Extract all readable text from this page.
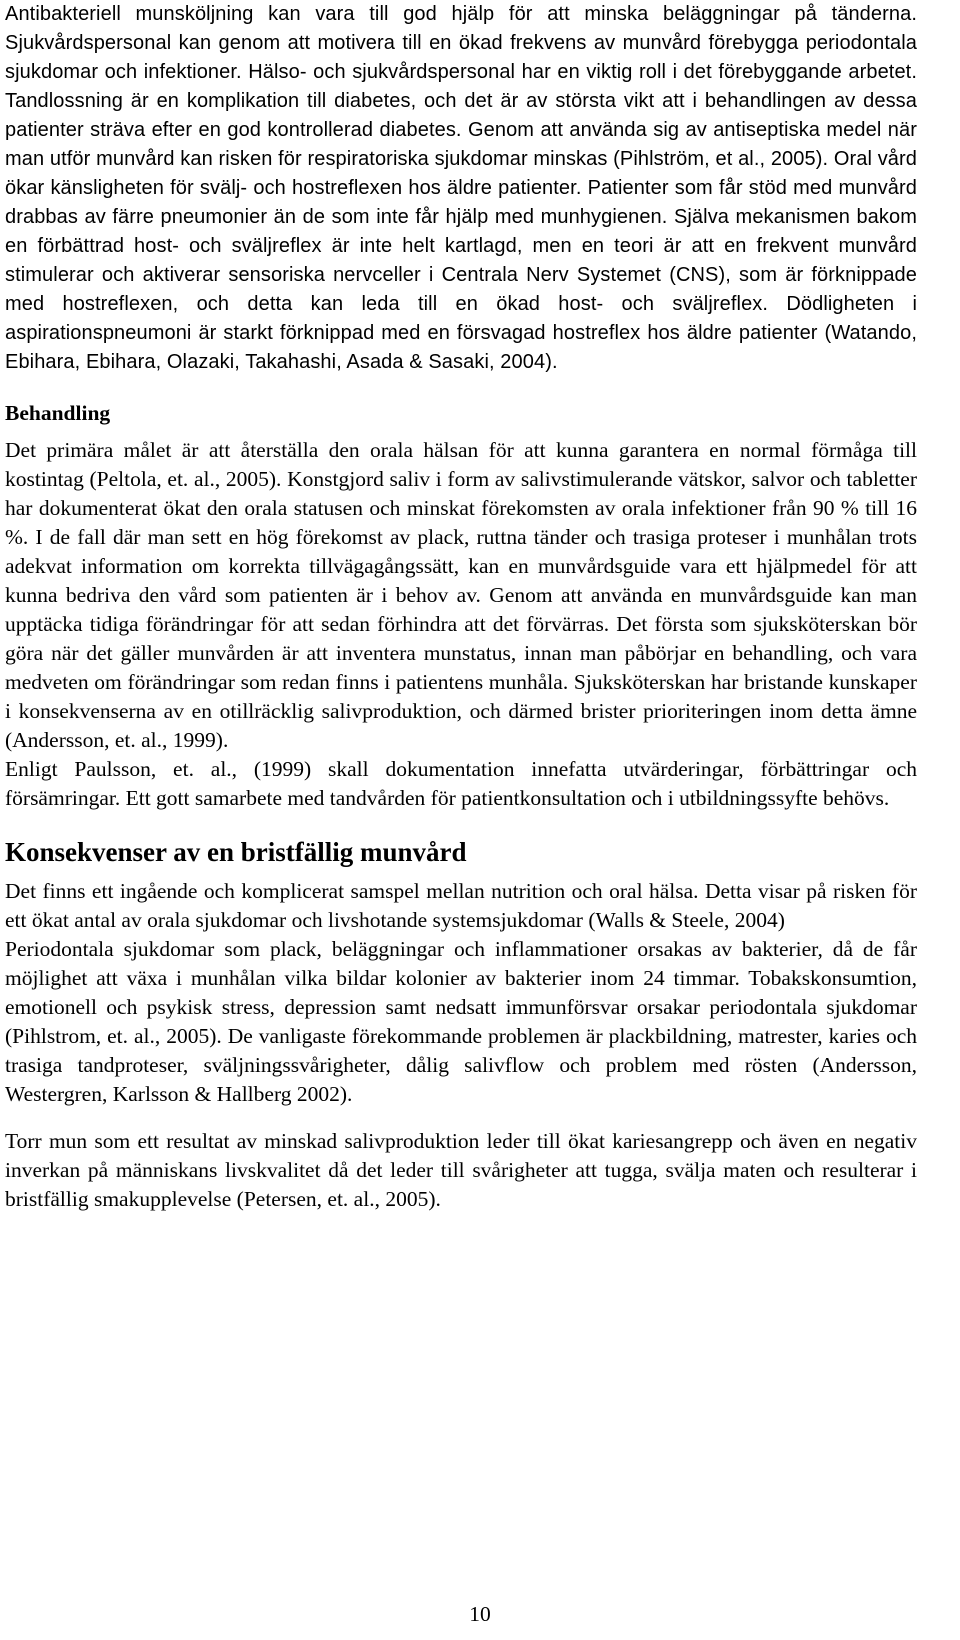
Antibakteriell munsköljning kan vara till god hjälp för att minska beläggningar på tänderna. Sjukvårdspersonal kan genom att motivera till en ökad frekvens av munvård förebygga periodontala sjukdomar och infektioner. Hälso- och sjukvårdspersonal har en viktig roll i det förebyggande arbetet. Tandlossning är en komplikation till diabetes, och det är av största vikt att i behandlingen av dessa patienter sträva efter en god kontrollerad diabetes. Genom att använda sig av antiseptiska medel när man utför munvård kan risken för respiratoriska sjukdomar minskas (Pihlström, et al., 2005). Oral vård ökar känsligheten för svälj- och hostreflexen hos äldre patienter. Patienter som får stöd med munvård drabbas av färre pneumonier än de som inte får hjälp med munhygienen. Själva mekanismen bakom en förbättrad host- och sväljreflex är inte helt kartlagd, men en teori är att en frekvent munvård stimulerar och aktiverar sensoriska nervceller i Centrala Nerv Systemet (CNS), som är förknippade med hostreflexen, och detta kan leda till en ökad host- och sväljreflex. Dödligheten i aspirationspneumoni är starkt förknippad med en försvagad hostreflex hos äldre patienter (Watando, Ebihara, Ebihara, Olazaki, Takahashi, Asada & Sasaki, 2004).

Behandling

Det primära målet är att återställa den orala hälsan för att kunna garantera en normal förmåga till kostintag (Peltola, et. al., 2005). Konstgjord saliv i form av salivstimulerande vätskor, salvor och tabletter har dokumenterat ökat den orala statusen och minskat förekomsten av orala infektioner från 90 % till 16 %. I de fall där man sett en hög förekomst av plack, ruttna tänder och trasiga proteser i munhålan trots adekvat information om korrekta tillvägagångssätt, kan en munvårdsguide vara ett hjälpmedel för att kunna bedriva den vård som patienten är i behov av. Genom att använda en munvårdsguide kan man upptäcka tidiga förändringar för att sedan förhindra att det förvärras. Det första som sjuksköterskan bör göra när det gäller munvården är att inventera munstatus, innan man påbörjar en behandling, och vara medveten om förändringar som redan finns i patientens munhåla. Sjuksköterskan har bristande kunskaper i konsekvenserna av en otillräcklig salivproduktion, och därmed brister prioriteringen inom detta ämne (Andersson, et. al., 1999).

Enligt Paulsson, et. al., (1999) skall dokumentation innefatta utvärderingar, förbättringar och försämringar. Ett gott samarbete med tandvården för patientkonsultation och i utbildningssyfte behövs.

Konsekvenser av en bristfällig munvård

Det finns ett ingående och komplicerat samspel mellan nutrition och oral hälsa. Detta visar på risken för ett ökat antal av orala sjukdomar och livshotande systemsjukdomar (Walls & Steele, 2004)

Periodontala sjukdomar som plack, beläggningar och inflammationer orsakas av bakterier, då de får möjlighet att växa i munhålan vilka bildar kolonier av bakterier inom 24 timmar. Tobakskonsumtion, emotionell och psykisk stress, depression samt nedsatt immunförsvar orsakar periodontala sjukdomar (Pihlstrom, et. al., 2005). De vanligaste förekommande problemen är plackbildning, matrester, karies och trasiga tandproteser, sväljningssvårigheter, dålig salivflow och problem med rösten (Andersson, Westergren, Karlsson & Hallberg 2002).

Torr mun som ett resultat av minskad salivproduktion leder till ökat kariesangrepp och även en negativ inverkan på människans livskvalitet då det leder till svårigheter att tugga, svälja maten och resulterar i bristfällig smakupplevelse (Petersen, et. al., 2005).

10
